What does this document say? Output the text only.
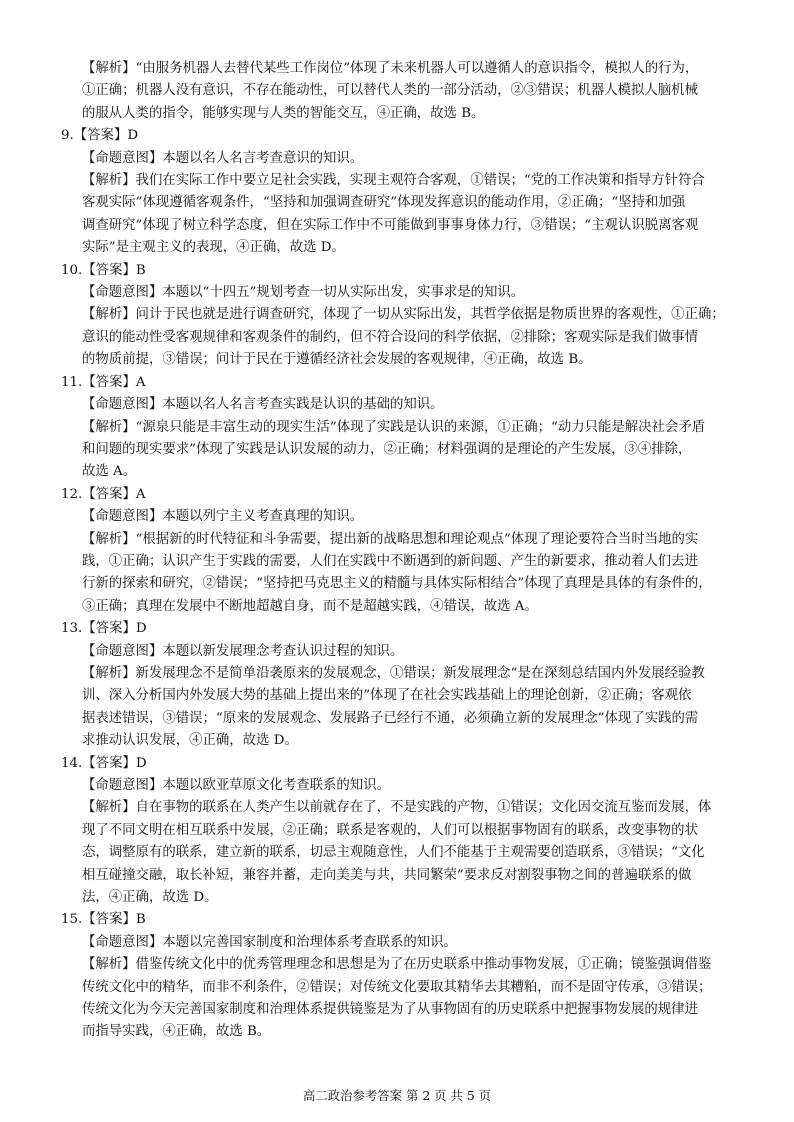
【解析】“由服务机器人去替代某些工作岗位”体现了未来机器人可以遵循人的意识指令，模拟人的行为，
①正确；机器人没有意识，不存在能动性，可以替代人类的一部分活动，②③错误；机器人模拟人脑机械
的服从人类的指令，能够实现与人类的智能交互，④正确，故选 B。
9.【答案】D
【命题意图】本题以名人名言考查意识的知识。
【解析】我们在实际工作中要立足社会实践，实现主观符合客观，①错误；“党的工作决策和指导方针符合
客观实际”体现遵循客观条件，“坚持和加强调查研究”体现发挥意识的能动作用，②正确；“坚持和加强
调查研究”体现了树立科学态度，但在实际工作中不可能做到事事身体力行，③错误；“主观认识脱离客观
实际”是主观主义的表现，④正确，故选 D。
10.【答案】B
【命题意图】本题以“十四五”规划考查一切从实际出发，实事求是的知识。
【解析】问计于民也就是进行调查研究，体现了一切从实际出发，其哲学依据是物质世界的客观性，①正确；
意识的能动性受客观规律和客观条件的制约，但不符合设问的科学依据，②排除；客观实际是我们做事情
的物质前提，③错误；问计于民在于遵循经济社会发展的客观规律，④正确，故选 B。
11.【答案】A
【命题意图】本题以名人名言考查实践是认识的基础的知识。
【解析】“源泉只能是丰富生动的现实生活”体现了实践是认识的来源，①正确；“动力只能是解决社会矛盾
和问题的现实要求”体现了实践是认识发展的动力，②正确；材料强调的是理论的产生发展，③④排除，
故选 A。
12.【答案】A
【命题意图】本题以列宁主义考查真理的知识。
【解析】“根据新的时代特征和斗争需要，提出新的战略思想和理论观点”体现了理论要符合当时当地的实
践，①正确；认识产生于实践的需要，人们在实践中不断遇到的新问题、产生的新要求，推动着人们去进
行新的探索和研究，②错误；“坚持把马克思主义的精髓与具体实际相结合”体现了真理是具体的有条件的，
③正确；真理在发展中不断地超越自身，而不是超越实践，④错误，故选 A。
13.【答案】D
【命题意图】本题以新发展理念考查认识过程的知识。
【解析】新发展理念不是简单沿袭原来的发展观念，①错误；新发展理念“是在深刻总结国内外发展经验教
训、深入分析国内外发展大势的基础上提出来的”体现了在社会实践基础上的理论创新，②正确；客观依
据表述错误，③错误；“原来的发展观念、发展路子已经行不通，必须确立新的发展理念”体现了实践的需
求推动认识发展，④正确，故选 D。
14.【答案】D
【命题意图】本题以欧亚草原文化考查联系的知识。
【解析】自在事物的联系在人类产生以前就存在了，不是实践的产物，①错误；文化因交流互鉴而发展，体
现了不同文明在相互联系中发展，②正确；联系是客观的，人们可以根据事物固有的联系，改变事物的状
态，调整原有的联系，建立新的联系，切忌主观随意性，人们不能基于主观需要创造联系，③错误；“文化
相互碰撞交融，取长补短，兼容并蓄，走向美美与共，共同繁荣”要求反对割裂事物之间的普遍联系的做
法，④正确，故选 D。
15.【答案】B
【命题意图】本题以完善国家制度和治理体系考查联系的知识。
【解析】借鉴传统文化中的优秀管理理念和思想是为了在历史联系中推动事物发展，①正确；镜鉴强调借鉴
传统文化中的精华，而非不利条件，②错误；对传统文化要取其精华去其糟粕，而不是固守传承，③错误；
传统文化为今天完善国家制度和治理体系提供镜鉴是为了从事物固有的历史联系中把握事物发展的规律进
而指导实践，④正确，故选 B。
高二政治参考答案 第 2 页 共 5 页
